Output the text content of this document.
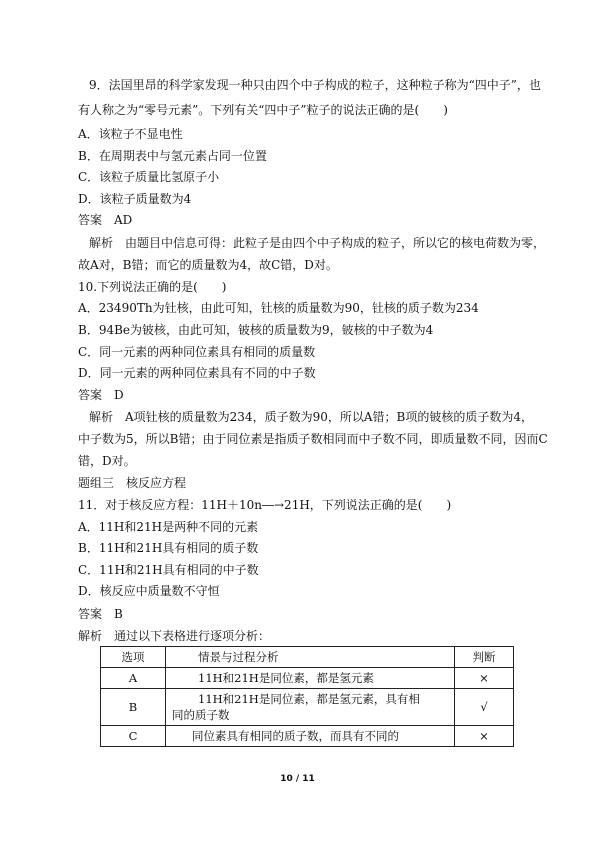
9．法国里昂的科学家发现一种只由四个中子构成的粒子，这种粒子称为“四中子”，也
有人称之为“零号元素”。下列有关“四中子”粒子的说法正确的是(　　)
A．该粒子不显电性
B．在周期表中与氢元素占同一位置
C．该粒子质量比氢原子小
D．该粒子质量数为4
答案　AD
解析　由题目中信息可得：此粒子是由四个中子构成的粒子，所以它的核电荷数为零，
故A对，B错；而它的质量数为4，故C错，D对。
10.下列说法正确的是(　　)
A．23490Th为钍核，由此可知，钍核的质量数为90，钍核的质子数为234
B．94Be为铍核，由此可知，铍核的质量数为9，铍核的中子数为4
C．同一元素的两种同位素具有相同的质量数
D．同一元素的两种同位素具有不同的中子数
答案　D
解析　A项钍核的质量数为234，质子数为90，所以A错；B项的铍核的质子数为4，
中子数为5，所以B错；由于同位素是指质子数相同而中子数不同，即质量数不同，因而C
错，D对。
题组三　核反应方程
11．对于核反应方程：11H＋10n―→21H，下列说法正确的是(　　)
A．11H和21H是两种不同的元素
B．11H和21H具有相同的质子数
C．11H和21H具有相同的中子数
D．核反应中质量数不守恒
答案　B
解析　通过以下表格进行逐项分析：
选项	情景与过程分析	判断
A	11H和21H是同位素，都是氢元素	×
B	11H和21H是同位素，都是氢元素，具有相
同的质子数	√
C	同位素具有相同的质子数，而具有不同的	×
10 / 11
